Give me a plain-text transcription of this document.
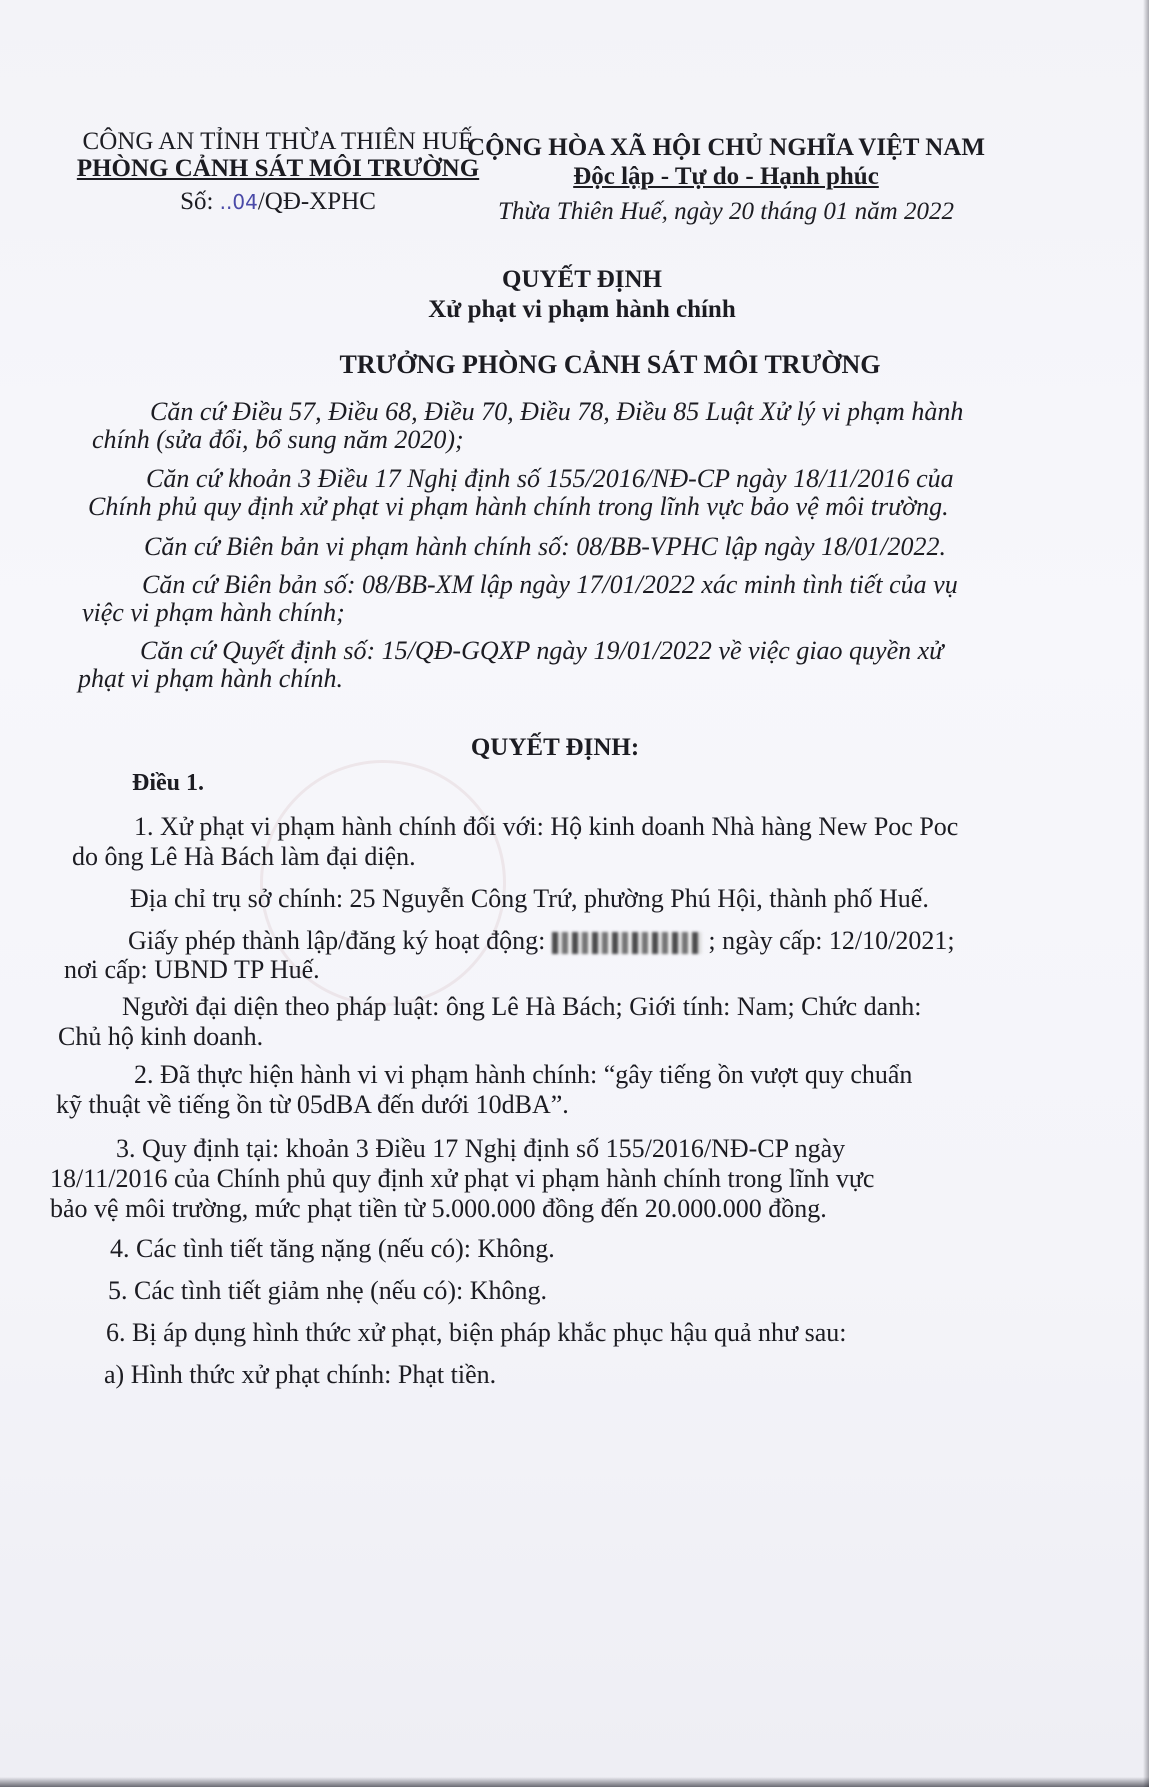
CÔNG AN TỈNH THỪA THIÊN HUẾ
PHÒNG CẢNH SÁT MÔI TRƯỜNG
Số: ..04/QĐ-XPHC
CỘNG HÒA XÃ HỘI CHỦ NGHĨA VIỆT NAM
Độc lập - Tự do - Hạnh phúc
Thừa Thiên Huế, ngày 20 tháng 01 năm 2022
QUYẾT ĐỊNH
Xử phạt vi phạm hành chính
TRƯỞNG PHÒNG CẢNH SÁT MÔI TRƯỜNG
Căn cứ Điều 57, Điều 68, Điều 70, Điều 78, Điều 85 Luật Xử lý vi phạm hành
chính (sửa đổi, bổ sung năm 2020);
Căn cứ khoản 3 Điều 17 Nghị định số 155/2016/NĐ-CP ngày 18/11/2016 của
Chính phủ quy định xử phạt vi phạm hành chính trong lĩnh vực bảo vệ môi trường.
Căn cứ Biên bản vi phạm hành chính số: 08/BB-VPHC lập ngày 18/01/2022.
Căn cứ Biên bản số: 08/BB-XM lập ngày 17/01/2022 xác minh tình tiết của vụ
việc vi phạm hành chính;
Căn cứ Quyết định số: 15/QĐ-GQXP ngày 19/01/2022 về việc giao quyền xử
phạt vi phạm hành chính.
QUYẾT ĐỊNH:
Điều 1.
1. Xử phạt vi phạm hành chính đối với: Hộ kinh doanh Nhà hàng New Poc Poc
do ông Lê Hà Bách làm đại diện.
Địa chỉ trụ sở chính: 25 Nguyễn Công Trứ, phường Phú Hội, thành phố Huế.
Giấy phép thành lập/đăng ký hoạt động:	; ngày cấp: 12/10/2021;
nơi cấp: UBND TP Huế.
Người đại diện theo pháp luật: ông Lê Hà Bách; Giới tính: Nam; Chức danh:
Chủ hộ kinh doanh.
2. Đã thực hiện hành vi vi phạm hành chính: “gây tiếng ồn vượt quy chuẩn
kỹ thuật về tiếng ồn từ 05dBA đến dưới 10dBA”.
3. Quy định tại: khoản 3 Điều 17 Nghị định số 155/2016/NĐ-CP ngày
18/11/2016 của Chính phủ quy định xử phạt vi phạm hành chính trong lĩnh vực
bảo vệ môi trường, mức phạt tiền từ 5.000.000 đồng đến 20.000.000 đồng.
4. Các tình tiết tăng nặng (nếu có): Không.
5. Các tình tiết giảm nhẹ (nếu có): Không.
6. Bị áp dụng hình thức xử phạt, biện pháp khắc phục hậu quả như sau:
a) Hình thức xử phạt chính: Phạt tiền.
